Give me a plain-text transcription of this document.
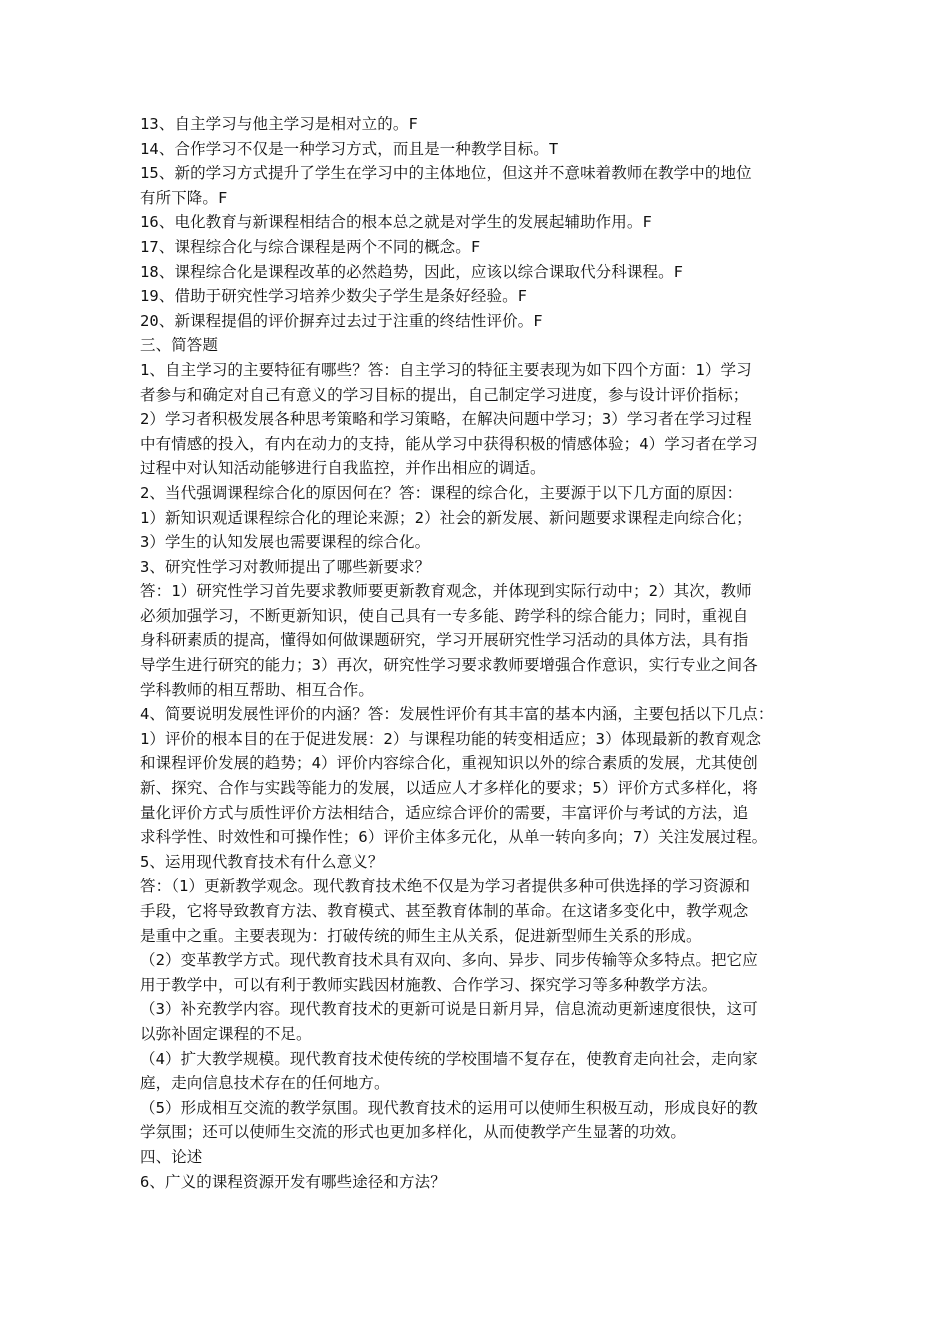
13、自主学习与他主学习是相对立的。F
14、合作学习不仅是一种学习方式，而且是一种教学目标。T
15、新的学习方式提升了学生在学习中的主体地位，但这并不意味着教师在教学中的地位
有所下降。F
16、电化教育与新课程相结合的根本总之就是对学生的发展起辅助作用。F
17、课程综合化与综合课程是两个不同的概念。F
18、课程综合化是课程改革的必然趋势，因此，应该以综合课取代分科课程。F
19、借助于研究性学习培养少数尖子学生是条好经验。F
20、新课程提倡的评价摒弃过去过于注重的终结性评价。F
三、简答题
1、自主学习的主要特征有哪些？答：自主学习的特征主要表现为如下四个方面：1）学习
者参与和确定对自己有意义的学习目标的提出，自己制定学习进度，参与设计评价指标；
2）学习者积极发展各种思考策略和学习策略，在解决问题中学习；3）学习者在学习过程
中有情感的投入，有内在动力的支持，能从学习中获得积极的情感体验；4）学习者在学习
过程中对认知活动能够进行自我监控，并作出相应的调适。
2、当代强调课程综合化的原因何在？答：课程的综合化，主要源于以下几方面的原因：
1）新知识观适课程综合化的理论来源；2）社会的新发展、新问题要求课程走向综合化；
3）学生的认知发展也需要课程的综合化。
3、研究性学习对教师提出了哪些新要求？
答：1）研究性学习首先要求教师要更新教育观念，并体现到实际行动中；2）其次，教师
必须加强学习，不断更新知识，使自己具有一专多能、跨学科的综合能力；同时，重视自
身科研素质的提高，懂得如何做课题研究，学习开展研究性学习活动的具体方法，具有指
导学生进行研究的能力；3）再次，研究性学习要求教师要增强合作意识，实行专业之间各
学科教师的相互帮助、相互合作。
4、简要说明发展性评价的内涵？答：发展性评价有其丰富的基本内涵，主要包括以下几点：
1）评价的根本目的在于促进发展：2）与课程功能的转变相适应；3）体现最新的教育观念
和课程评价发展的趋势；4）评价内容综合化，重视知识以外的综合素质的发展，尤其使创
新、探究、合作与实践等能力的发展，以适应人才多样化的要求；5）评价方式多样化，将
量化评价方式与质性评价方法相结合，适应综合评价的需要，丰富评价与考试的方法，追
求科学性、时效性和可操作性；6）评价主体多元化，从单一转向多向；7）关注发展过程。
5、运用现代教育技术有什么意义？
答：（1）更新教学观念。现代教育技术绝不仅是为学习者提供多种可供选择的学习资源和
手段，它将导致教育方法、教育模式、甚至教育体制的革命。在这诸多变化中，教学观念
是重中之重。主要表现为：打破传统的师生主从关系，促进新型师生关系的形成。
（2）变革教学方式。现代教育技术具有双向、多向、异步、同步传输等众多特点。把它应
用于教学中，可以有利于教师实践因材施教、合作学习、探究学习等多种教学方法。
（3）补充教学内容。现代教育技术的更新可说是日新月异，信息流动更新速度很快，这可
以弥补固定课程的不足。
（4）扩大教学规模。现代教育技术使传统的学校围墙不复存在，使教育走向社会，走向家
庭，走向信息技术存在的任何地方。
（5）形成相互交流的教学氛围。现代教育技术的运用可以使师生积极互动，形成良好的教
学氛围；还可以使师生交流的形式也更加多样化，从而使教学产生显著的功效。
四、论述
6、广义的课程资源开发有哪些途径和方法？
